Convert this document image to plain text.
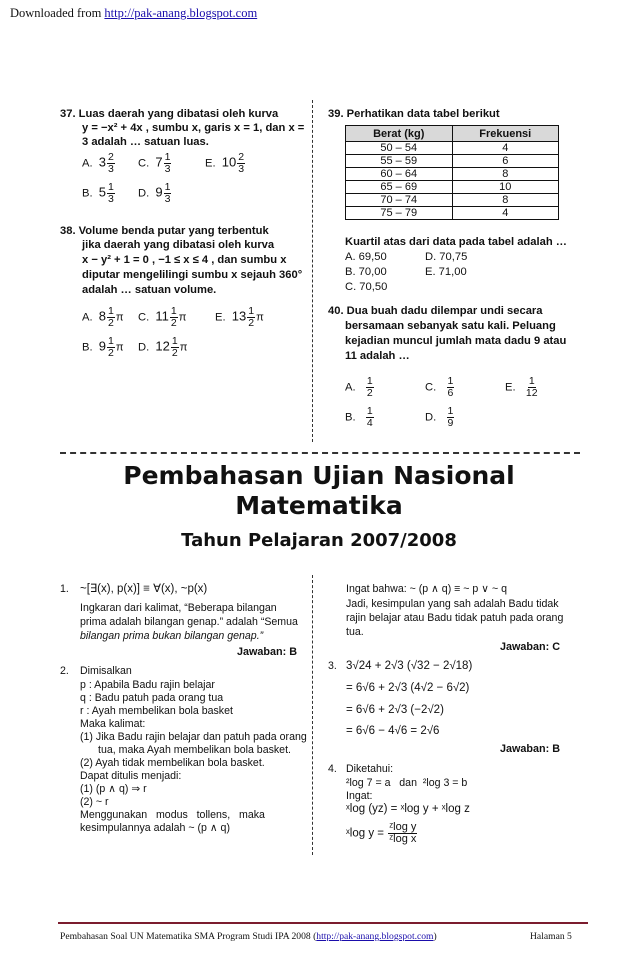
Downloaded from http://pak-anang.blogspot.com
37. Luas daerah yang dibatasi oleh kurva
y = −x² + 4x , sumbu x, garis x = 1, dan x =
3 adalah … satuan luas.
A. $3 \frac{2}{3} C$. $7 \frac{1}{3}$	E. $10 \frac{2}{3}$
B. $5 \frac{1}{3} D$. $9 \frac{1}{3}$
38. Volume benda putar yang terbentuk
jika daerah yang dibatasi oleh kurva
x − y² + 1 = 0 , −1 ≤ x ≤ 4 , dan sumbu x
diputar mengelilingi sumbu x sejauh 360°
adalah … satuan volume.
A. $8 \frac{1}{2}$ π C. $11 \frac{1}{2}$ π	E. $13 \frac{1}{2}$ π
B. $9 \frac{1}{2}$ π D. $12 \frac{1}{2}$ π
39. Perhatikan data tabel berikut
Berat (kg)	Frekuensi
50 – 54	4
55 – 59	6
60 – 64	8
65 – 69	10
70 – 74	8
75 – 79	4
Kuartil atas dari data pada tabel adalah …
A. 69,50	D. 70,75
B. 70,00	E. 71,00
C. 70,50
40. Dua buah dadu dilempar undi secara
bersamaan sebanyak satu kali. Peluang
kejadian muncul jumlah mata dadu 9 atau
11 adalah …
A. $\frac{1}{2}$	C. $\frac{1}{6}$	E. $\frac{1}{12}$
B. $\frac{1}{4}$	D. $\frac{1}{9}$
Pembahasan Ujian Nasional
Matematika
Tahun Pelajaran 2007/2008
1. ~[∃(x), p(x)] ≡ ∀(x), ~p(x)
Ingkaran dari kalimat, “Beberapa bilangan
prima adalah bilangan genap.” adalah “Semua
bilangan prima bukan bilangan genap.”
Jawaban: B
2. Dimisalkan
p : Apabila Badu rajin belajar
q : Badu patuh pada orang tua
r : Ayah membelikan bola basket
Maka kalimat:
(1) Jika Badu rajin belajar dan patuh pada orang
tua, maka Ayah membelikan bola basket.
(2) Ayah tidak membelikan bola basket.
Dapat ditulis menjadi:
(1) (p ∧ q) ⇒ r
(2) ~ r
Menggunakan   modus   tollens,   maka
kesimpulannya adalah ~ (p ∧ q)
Ingat bahwa: ~ (p ∧ q) ≡ ~ p ∨ ~ q
Jadi, kesimpulan yang sah adalah Badu tidak
rajin belajar atau Badu tidak patuh pada orang
tua.
Jawaban: C
3. 3√24 + 2√3 (√32 − 2√18)
= 6√6 + 2√3 (4√2 − 6√2)
= 6√6 + 2√3 (−2√2)
= 6√6 − 4√6 = 2√6
Jawaban: B
4. Diketahui:
²log 7 = a   dan  ²log 3 = b
Ingat:
ˣlog (yz) = ˣlog y + ˣlog z
ˣlog $y = \frac{\text{ᶻlog y}}{\text{ᶻlog x}}$
Pembahasan Soal UN Matematika SMA Program Studi IPA 2008 (http://pak-anang.blogspot.com)	Halaman 5
